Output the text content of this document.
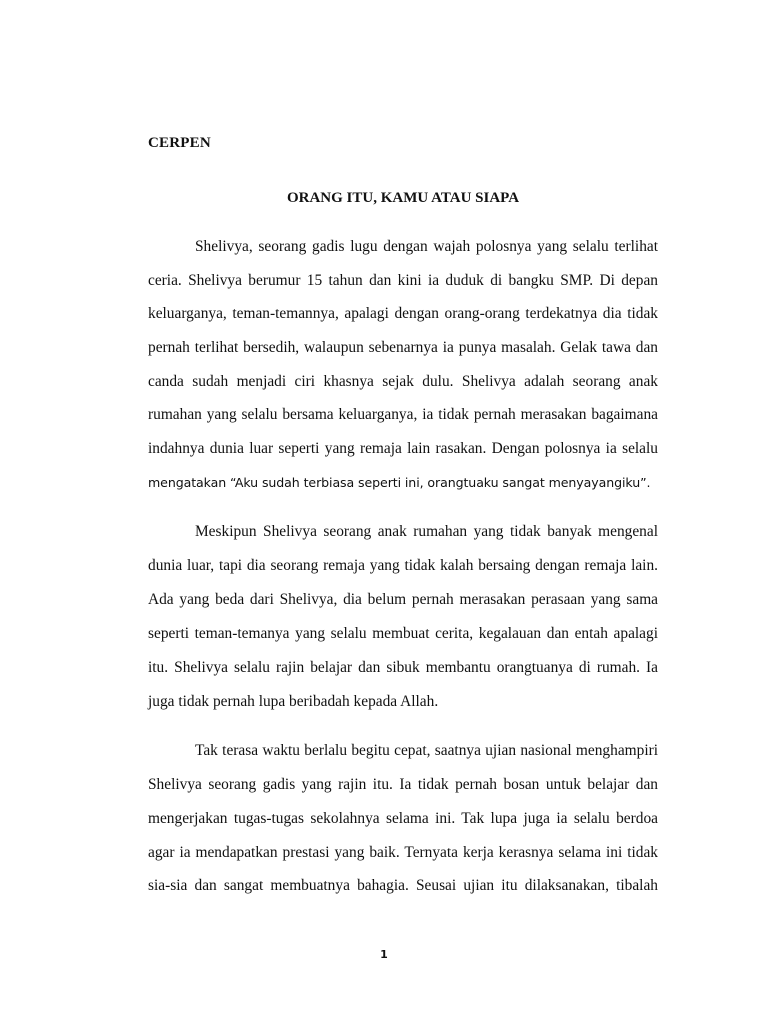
CERPEN
ORANG ITU, KAMU ATAU SIAPA

Shelivya, seorang gadis lugu dengan wajah polosnya yang selalu terlihat

ceria. Shelivya berumur 15 tahun dan kini ia duduk di bangku SMP. Di depan

keluarganya, teman-temannya, apalagi dengan orang-orang terdekatnya dia tidak

pernah terlihat bersedih, walaupun sebenarnya ia punya masalah. Gelak tawa dan

canda sudah menjadi ciri khasnya sejak dulu. Shelivya adalah seorang anak

rumahan yang selalu bersama keluarganya, ia tidak pernah merasakan bagaimana

indahnya dunia luar seperti yang remaja lain rasakan. Dengan polosnya ia selalu

mengatakan “Aku sudah terbiasa seperti ini, orangtuaku sangat menyayangiku”.

Meskipun Shelivya seorang anak rumahan yang tidak banyak mengenal

dunia luar, tapi dia seorang remaja yang tidak kalah bersaing dengan remaja lain.

Ada yang beda dari Shelivya, dia belum pernah merasakan perasaan yang sama

seperti teman-temanya yang selalu membuat cerita, kegalauan dan entah apalagi

itu. Shelivya selalu rajin belajar dan sibuk membantu orangtuanya di rumah. Ia

juga tidak pernah lupa beribadah kepada Allah.

Tak terasa waktu berlalu begitu cepat, saatnya ujian nasional menghampiri

Shelivya seorang gadis yang rajin itu. Ia tidak pernah bosan untuk belajar dan

mengerjakan tugas-tugas sekolahnya selama ini. Tak lupa juga ia selalu berdoa

agar ia mendapatkan prestasi yang baik. Ternyata kerja kerasnya selama ini tidak

sia-sia dan sangat membuatnya bahagia. Seusai ujian itu dilaksanakan, tibalah

1
